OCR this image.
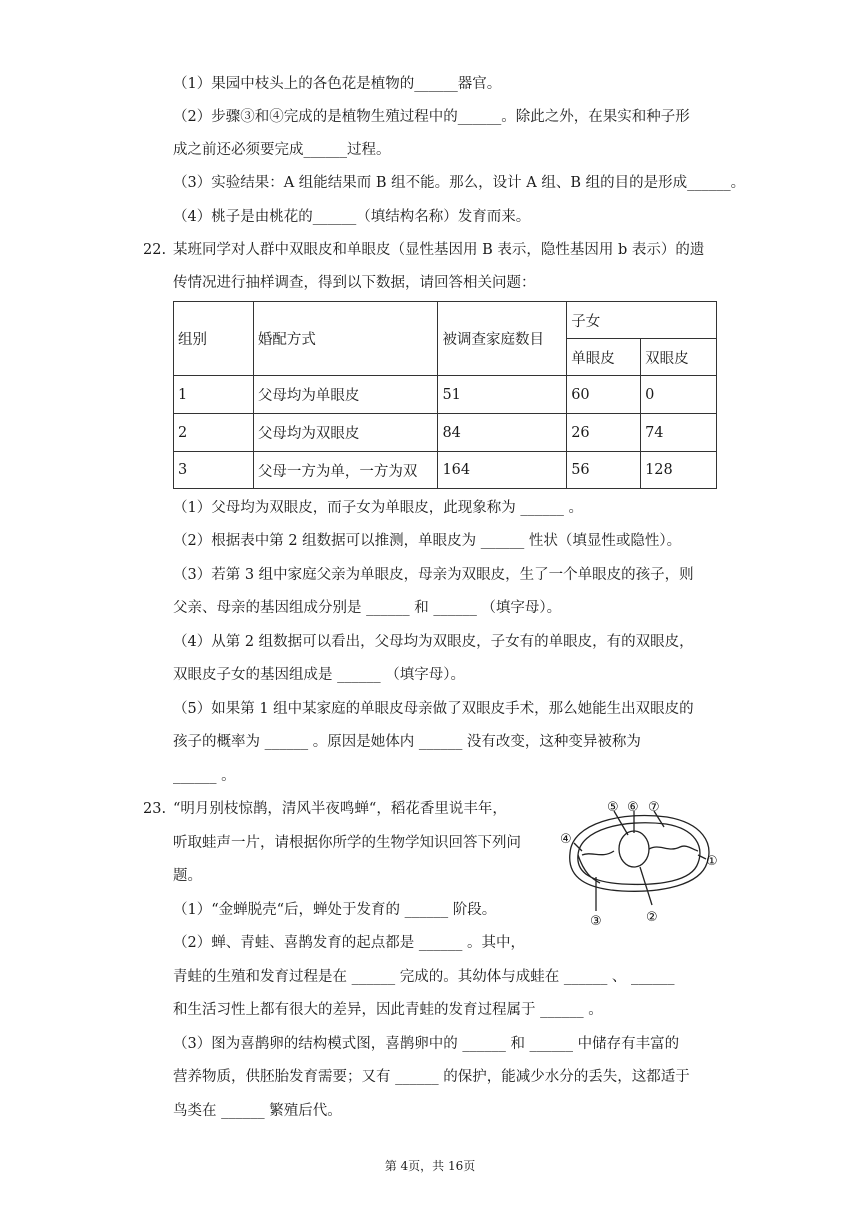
（1）果园中枝头上的各色花是植物的______器官。
（2）步骤③和④完成的是植物生殖过程中的______。除此之外，在果实和种子形
成之前还必须要完成______过程。
（3）实验结果：A 组能结果而 B 组不能。那么，设计 A 组、B 组的目的是形成______。
（4）桃子是由桃花的______（填结构名称）发育而来。
22. 某班同学对人群中双眼皮和单眼皮（显性基因用 B 表示，隐性基因用 b 表示）的遗
传情况进行抽样调查，得到以下数据，请回答相关问题：
组别	婚配方式	被调查家庭数目	子女	
			单眼皮	双眼皮
1	父母均为单眼皮	51	60	0
2	父母均为双眼皮	84	26	74
3	父母一方为单，一方为双	164	56	128
（1）父母均为双眼皮，而子女为单眼皮，此现象称为 ______ 。
（2）根据表中第 2 组数据可以推测，单眼皮为 ______ 性状（填显性或隐性）。
（3）若第 3 组中家庭父亲为单眼皮，母亲为双眼皮，生了一个单眼皮的孩子，则
父亲、母亲的基因组成分别是 ______ 和 ______ （填字母）。
（4）从第 2 组数据可以看出，父母均为双眼皮，子女有的单眼皮，有的双眼皮，
双眼皮子女的基因组成是 ______ （填字母）。
（5）如果第 1 组中某家庭的单眼皮母亲做了双眼皮手术，那么她能生出双眼皮的
孩子的概率为 ______ 。原因是她体内 ______ 没有改变，这种变异被称为
______ 。
23. “明月别枝惊鹊，清风半夜鸣蝉“，稻花香里说丰年，
听取蛙声一片，请根据你所学的生物学知识回答下列问
题。
（1）“金蝉脱壳“后，蝉处于发育的 ______ 阶段。
（2）蝉、青蛙、喜鹊发育的起点都是 ______ 。其中，
青蛙的生殖和发育过程是在 ______ 完成的。其幼体与成蛙在 ______ 、 ______
和生活习性上都有很大的差异，因此青蛙的发育过程属于 ______ 。
（3）图为喜鹊卵的结构模式图，喜鹊卵中的 ______ 和 ______ 中储存有丰富的
营养物质，供胚胎发育需要；又有 ______ 的保护，能减少水分的丢失，这都适于
鸟类在 ______ 繁殖后代。
⑤ ⑥ ⑦
④
①
②
③
第 4页，共 16页
